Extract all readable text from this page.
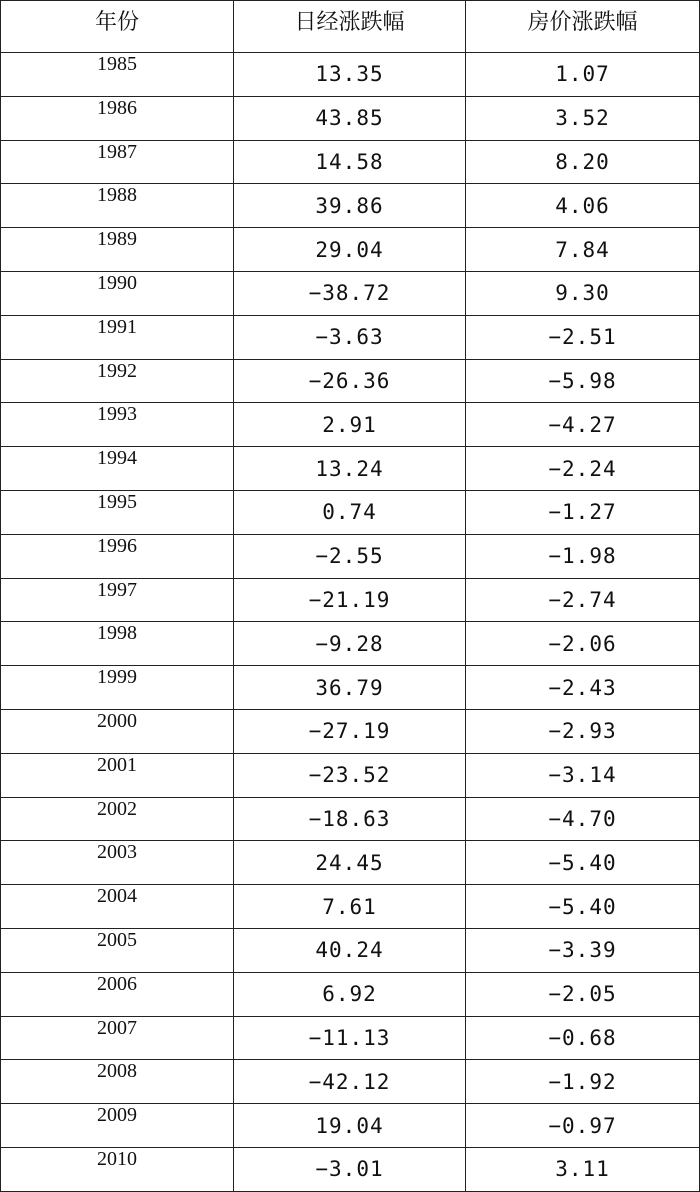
年份	日经涨跌幅	房价涨跌幅
1985	13.35	1.07
1986	43.85	3.52
1987	14.58	8.20
1988	39.86	4.06
1989	29.04	7.84
1990	−38.72	9.30
1991	−3.63	−2.51
1992	−26.36	−5.98
1993	2.91	−4.27
1994	13.24	−2.24
1995	0.74	−1.27
1996	−2.55	−1.98
1997	−21.19	−2.74
1998	−9.28	−2.06
1999	36.79	−2.43
2000	−27.19	−2.93
2001	−23.52	−3.14
2002	−18.63	−4.70
2003	24.45	−5.40
2004	7.61	−5.40
2005	40.24	−3.39
2006	6.92	−2.05
2007	−11.13	−0.68
2008	−42.12	−1.92
2009	19.04	−0.97
2010	−3.01	3.11
